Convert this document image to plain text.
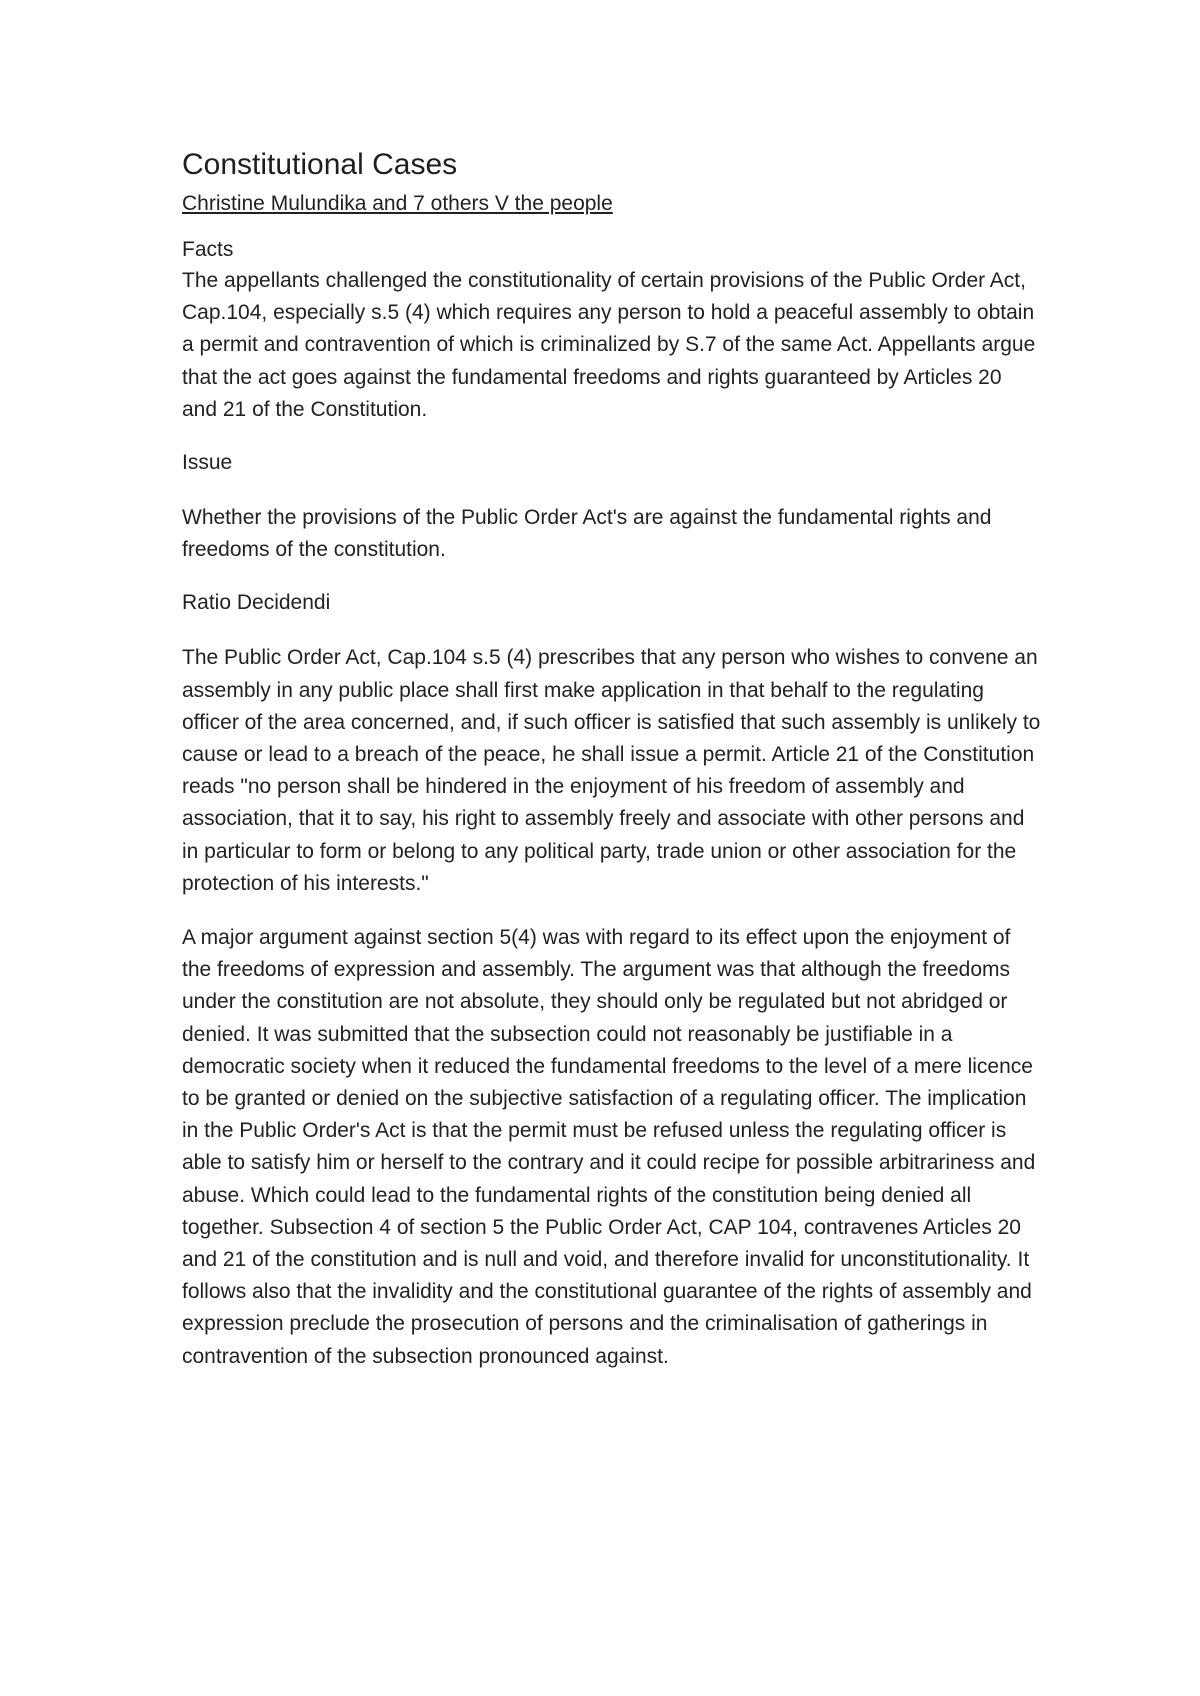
Constitutional Cases
Christine Mulundika and 7 others V the people

Facts

The appellants challenged the constitutionality of certain provisions of the Public Order Act, Cap.104, especially s.5 (4) which requires any person to hold a peaceful assembly to obtain a permit and contravention of which is criminalized by S.7 of the same Act. Appellants argue that the act goes against the fundamental freedoms and rights guaranteed by Articles 20 and 21 of the Constitution.

Issue

Whether the provisions of the Public Order Act's are against the fundamental rights and freedoms of the constitution.

Ratio Decidendi

The Public Order Act, Cap.104 s.5 (4) prescribes that any person who wishes to convene an assembly in any public place shall first make application in that behalf to the regulating officer of the area concerned, and, if such officer is satisfied that such assembly is unlikely to cause or lead to a breach of the peace, he shall issue a permit. Article 21 of the Constitution reads "no person shall be hindered in the enjoyment of his freedom of assembly and association, that it to say, his right to assembly freely and associate with other persons and in particular to form or belong to any political party, trade union or other association for the protection of his interests."

A major argument against section 5(4) was with regard to its effect upon the enjoyment of the freedoms of expression and assembly. The argument was that although the freedoms under the constitution are not absolute, they should only be regulated but not abridged or denied. It was submitted that the subsection could not reasonably be justifiable in a democratic society when it reduced the fundamental freedoms to the level of a mere licence to be granted or denied on the subjective satisfaction of a regulating officer. The implication in the Public Order's Act is that the permit must be refused unless the regulating officer is able to satisfy him or herself to the contrary and it could recipe for possible arbitrariness and abuse. Which could lead to the fundamental rights of the constitution being denied all together. Subsection 4 of section 5 the Public Order Act, CAP 104, contravenes Articles 20 and 21 of the constitution and is null and void, and therefore invalid for unconstitutionality. It follows also that the invalidity and the constitutional guarantee of the rights of assembly and expression preclude the prosecution of persons and the criminalisation of gatherings in contravention of the subsection pronounced against.
